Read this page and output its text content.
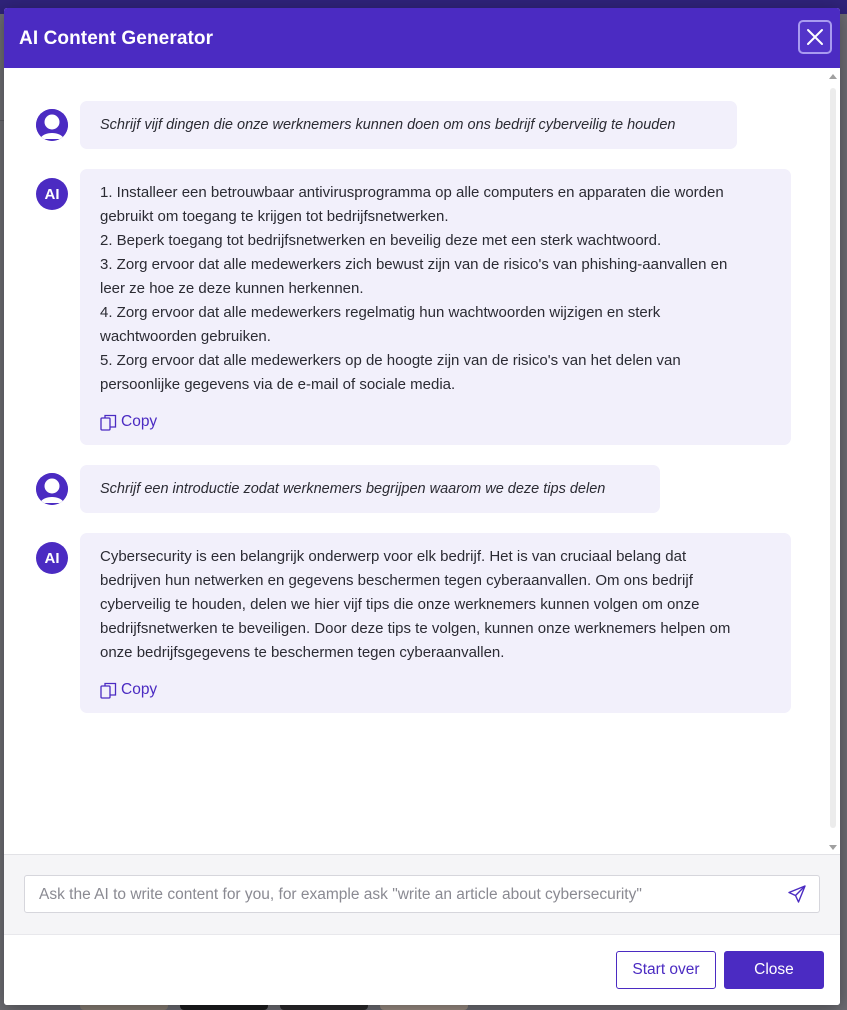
AI Content Generator
Schrijf vijf dingen die onze werknemers kunnen doen om ons bedrijf cyberveilig te houden
AI	1. Installeer een betrouwbaar antivirusprogramma op alle computers en apparaten die worden
gebruikt om toegang te krijgen tot bedrijfsnetwerken.
2. Beperk toegang tot bedrijfsnetwerken en beveilig deze met een sterk wachtwoord.
3. Zorg ervoor dat alle medewerkers zich bewust zijn van de risico's van phishing-aanvallen en
leer ze hoe ze deze kunnen herkennen.
4. Zorg ervoor dat alle medewerkers regelmatig hun wachtwoorden wijzigen en sterk
wachtwoorden gebruiken.
5. Zorg ervoor dat alle medewerkers op de hoogte zijn van de risico's van het delen van
persoonlijke gegevens via de e-mail of sociale media.
Copy
Schrijf een introductie zodat werknemers begrijpen waarom we deze tips delen
AI	Cybersecurity is een belangrijk onderwerp voor elk bedrijf. Het is van cruciaal belang dat
bedrijven hun netwerken en gegevens beschermen tegen cyberaanvallen. Om ons bedrijf
cyberveilig te houden, delen we hier vijf tips die onze werknemers kunnen volgen om onze
bedrijfsnetwerken te beveiligen. Door deze tips te volgen, kunnen onze werknemers helpen om
onze bedrijfsgegevens te beschermen tegen cyberaanvallen.
Copy
Ask the AI to write content for you, for example ask "write an article about cybersecurity"
Start over	Close
